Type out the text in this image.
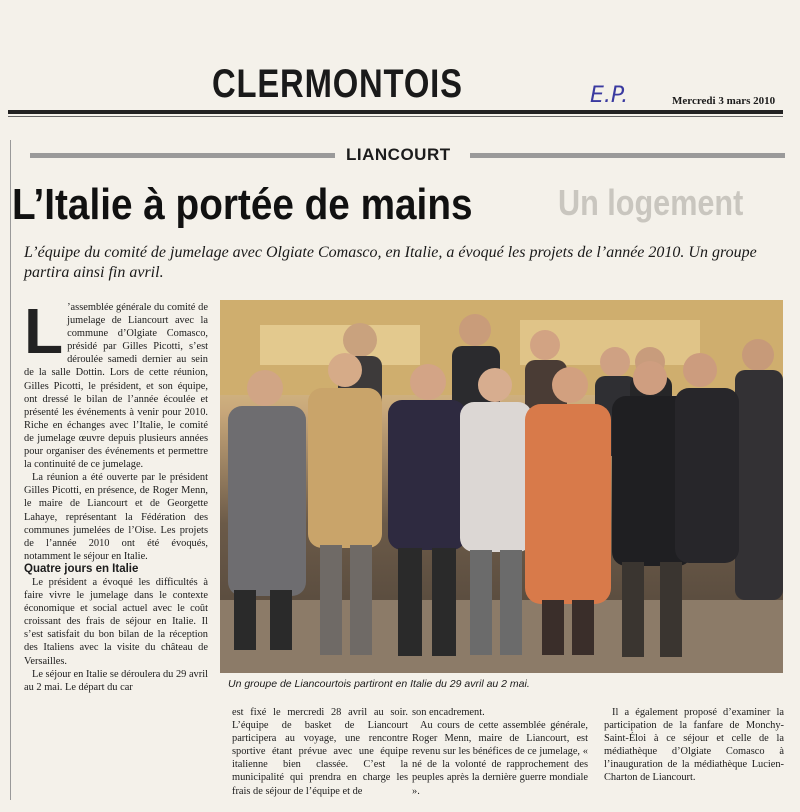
CLERMONTOIS	E.P.	Mercredi 3 mars 2010
LIANCOURT
Un logement
L’Italie à portée de mains
L’équipe du comité de jumelage avec Olgiate Comasco, en Italie, a évoqué les projets de l’année 2010. Un groupe partira ainsi fin avril.

L ’assemblée générale du comité de jumelage de Liancourt avec la commune d’Olgiate Comasco, présidé par Gilles Picotti, s’est déroulée samedi dernier au sein de la salle Dottin. Lors de cette réunion, Gilles Picotti, le président, et son équipe, ont dressé le bilan de l’année écoulée et présenté les événements à venir pour 2010. Riche en échanges avec l’Italie, le comité de jumelage œuvre depuis plusieurs années pour organiser des événements et permettre la continuité de ce jumelage.

La réunion a été ouverte par le président Gilles Picotti, en présence, de Roger Menn, le maire de Liancourt et de Georgette Lahaye, représentant la Fédération des communes jumelées de l’Oise. Les projets de l’année 2010 ont été évoqués, notamment le séjour en Italie.

Quatre jours en Italie

Le président a évoqué les difficultés à faire vivre le jumelage dans le contexte économique et social actuel avec le coût croissant des frais de séjour en Italie. Il s’est satisfait du bon bilan de la réception des Italiens avec la visite du château de Versailles.

Le séjour en Italie se déroulera du 29 avril au 2 mai. Le départ du car	Un groupe de Liancourtois partiront en Italie du 29 avril au 2 mai.

est fixé le mercredi 28 avril au soir. L’équipe de basket de Liancourt participera au voyage, une rencontre sportive étant prévue avec une équipe italienne bien classée. C’est la municipalité qui prendra en charge les frais de séjour de l’équipe et de

son encadrement.

Au cours de cette assemblée générale, Roger Menn, maire de Liancourt, est revenu sur les bénéfices de ce jumelage, « né de la volonté de rapprochement des peuples après la dernière guerre mondiale ».

Il a également proposé d’examiner la participation de la fanfare de Monchy-Saint-Éloi à ce séjour et celle de la médiathèque d’Olgiate Comasco à l’inauguration de la médiathèque Lucien-Charton de Liancourt.
